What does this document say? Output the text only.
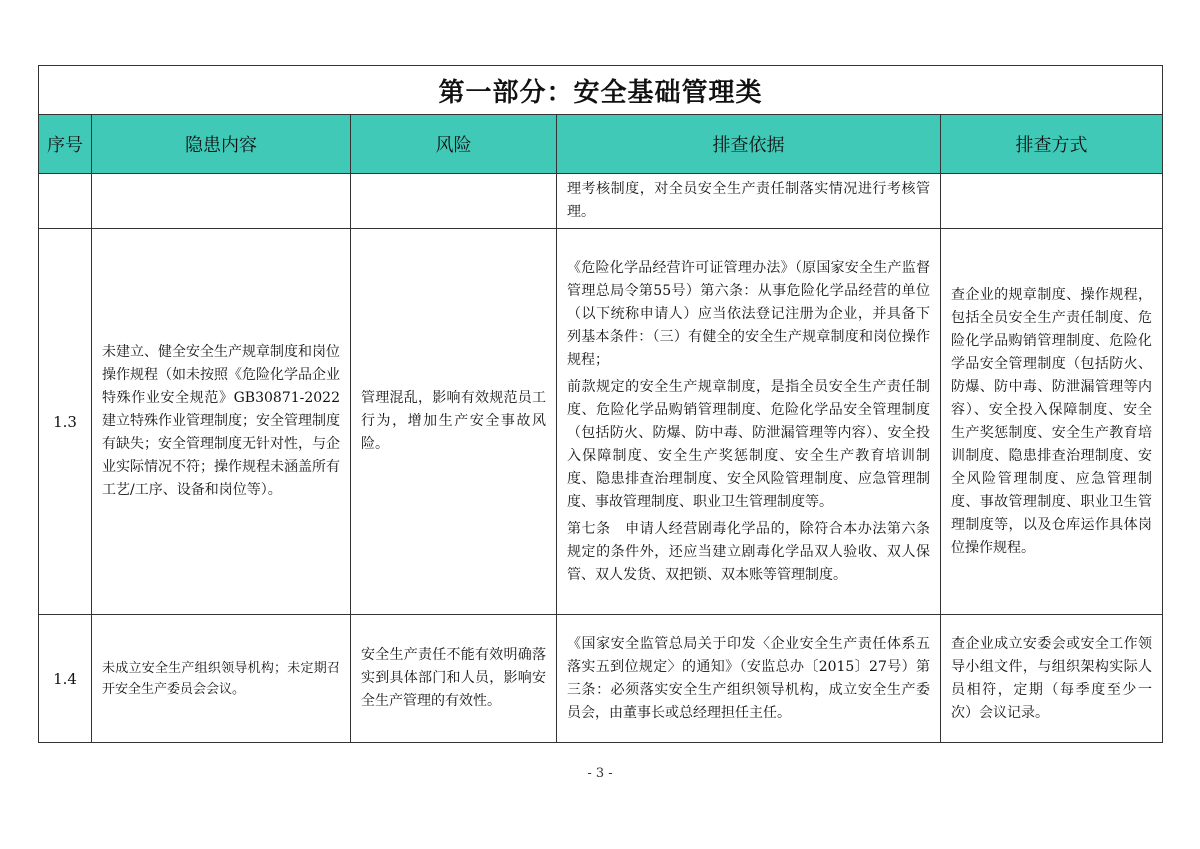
第一部分：安全基础管理类				
序号	隐患内容	风险	排查依据	排查方式
			理考核制度，对全员安全生产责任制落实情况进行考核管理。	
1.3	未建立、健全安全生产规章制度和岗位操作规程（如未按照《危险化学品企业特殊作业安全规范》GB30871-2022建立特殊作业管理制度；安全管理制度有缺失；安全管理制度无针对性，与企业实际情况不符；操作规程未涵盖所有工艺/工序、设备和岗位等）。	管理混乱，影响有效规范员工行为，增加生产安全事故风险。	《危险化学品经营许可证管理办法》（原国家安全生产监督管理总局令第55号）第六条：从事危险化学品经营的单位（以下统称申请人）应当依法登记注册为企业，并具备下列基本条件：（三）有健全的安全生产规章制度和岗位操作规程；

前款规定的安全生产规章制度，是指全员安全生产责任制度、危险化学品购销管理制度、危险化学品安全管理制度（包括防火、防爆、防中毒、防泄漏管理等内容）、安全投入保障制度、安全生产奖惩制度、安全生产教育培训制度、隐患排查治理制度、安全风险管理制度、应急管理制度、事故管理制度、职业卫生管理制度等。

第七条　申请人经营剧毒化学品的，除符合本办法第六条规定的条件外，还应当建立剧毒化学品双人验收、双人保管、双人发货、双把锁、双本账等管理制度。	查企业的规章制度、操作规程，包括全员安全生产责任制度、危险化学品购销管理制度、危险化学品安全管理制度（包括防火、防爆、防中毒、防泄漏管理等内容）、安全投入保障制度、安全生产奖惩制度、安全生产教育培训制度、隐患排查治理制度、安全风险管理制度、应急管理制度、事故管理制度、职业卫生管理制度等，以及仓库运作具体岗位操作规程。
1.4	未成立安全生产组织领导机构；未定期召开安全生产委员会会议。	安全生产责任不能有效明确落实到具体部门和人员，影响安全生产管理的有效性。	《国家安全监管总局关于印发〈企业安全生产责任体系五落实五到位规定〉的通知》（安监总办〔2015〕27号）第三条：必须落实安全生产组织领导机构，成立安全生产委员会，由董事长或总经理担任主任。	查企业成立安委会或安全工作领导小组文件，与组织架构实际人员相符，定期（每季度至少一次）会议记录。
- 3 -
